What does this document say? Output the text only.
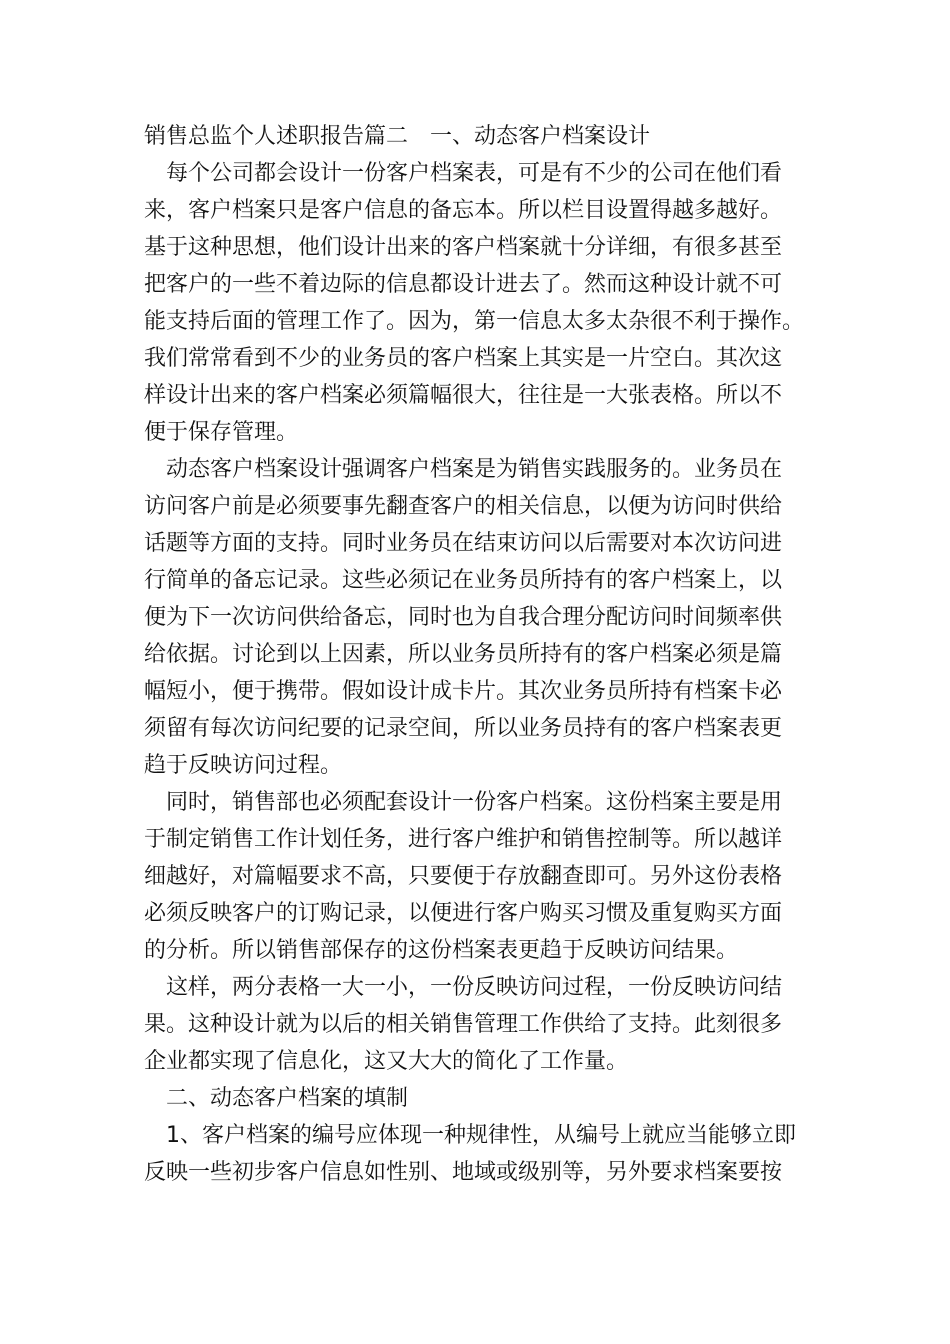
销售总监个人述职报告篇二　一、动态客户档案设计
每个公司都会设计一份客户档案表，可是有不少的公司在他们看
来，客户档案只是客户信息的备忘本。所以栏目设置得越多越好。
基于这种思想，他们设计出来的客户档案就十分详细，有很多甚至
把客户的一些不着边际的信息都设计进去了。然而这种设计就不可
能支持后面的管理工作了。因为，第一信息太多太杂很不利于操作。
我们常常看到不少的业务员的客户档案上其实是一片空白。其次这
样设计出来的客户档案必须篇幅很大，往往是一大张表格。所以不
便于保存管理。
动态客户档案设计强调客户档案是为销售实践服务的。业务员在
访问客户前是必须要事先翻查客户的相关信息，以便为访问时供给
话题等方面的支持。同时业务员在结束访问以后需要对本次访问进
行简单的备忘记录。这些必须记在业务员所持有的客户档案上，以
便为下一次访问供给备忘，同时也为自我合理分配访问时间频率供
给依据。讨论到以上因素，所以业务员所持有的客户档案必须是篇
幅短小，便于携带。假如设计成卡片。其次业务员所持有档案卡必
须留有每次访问纪要的记录空间，所以业务员持有的客户档案表更
趋于反映访问过程。
同时，销售部也必须配套设计一份客户档案。这份档案主要是用
于制定销售工作计划任务，进行客户维护和销售控制等。所以越详
细越好，对篇幅要求不高，只要便于存放翻查即可。另外这份表格
必须反映客户的订购记录，以便进行客户购买习惯及重复购买方面
的分析。所以销售部保存的这份档案表更趋于反映访问结果。
这样，两分表格一大一小，一份反映访问过程，一份反映访问结
果。这种设计就为以后的相关销售管理工作供给了支持。此刻很多
企业都实现了信息化，这又大大的简化了工作量。
二、动态客户档案的填制
1、客户档案的编号应体现一种规律性，从编号上就应当能够立即
反映一些初步客户信息如性别、地域或级别等，另外要求档案要按
